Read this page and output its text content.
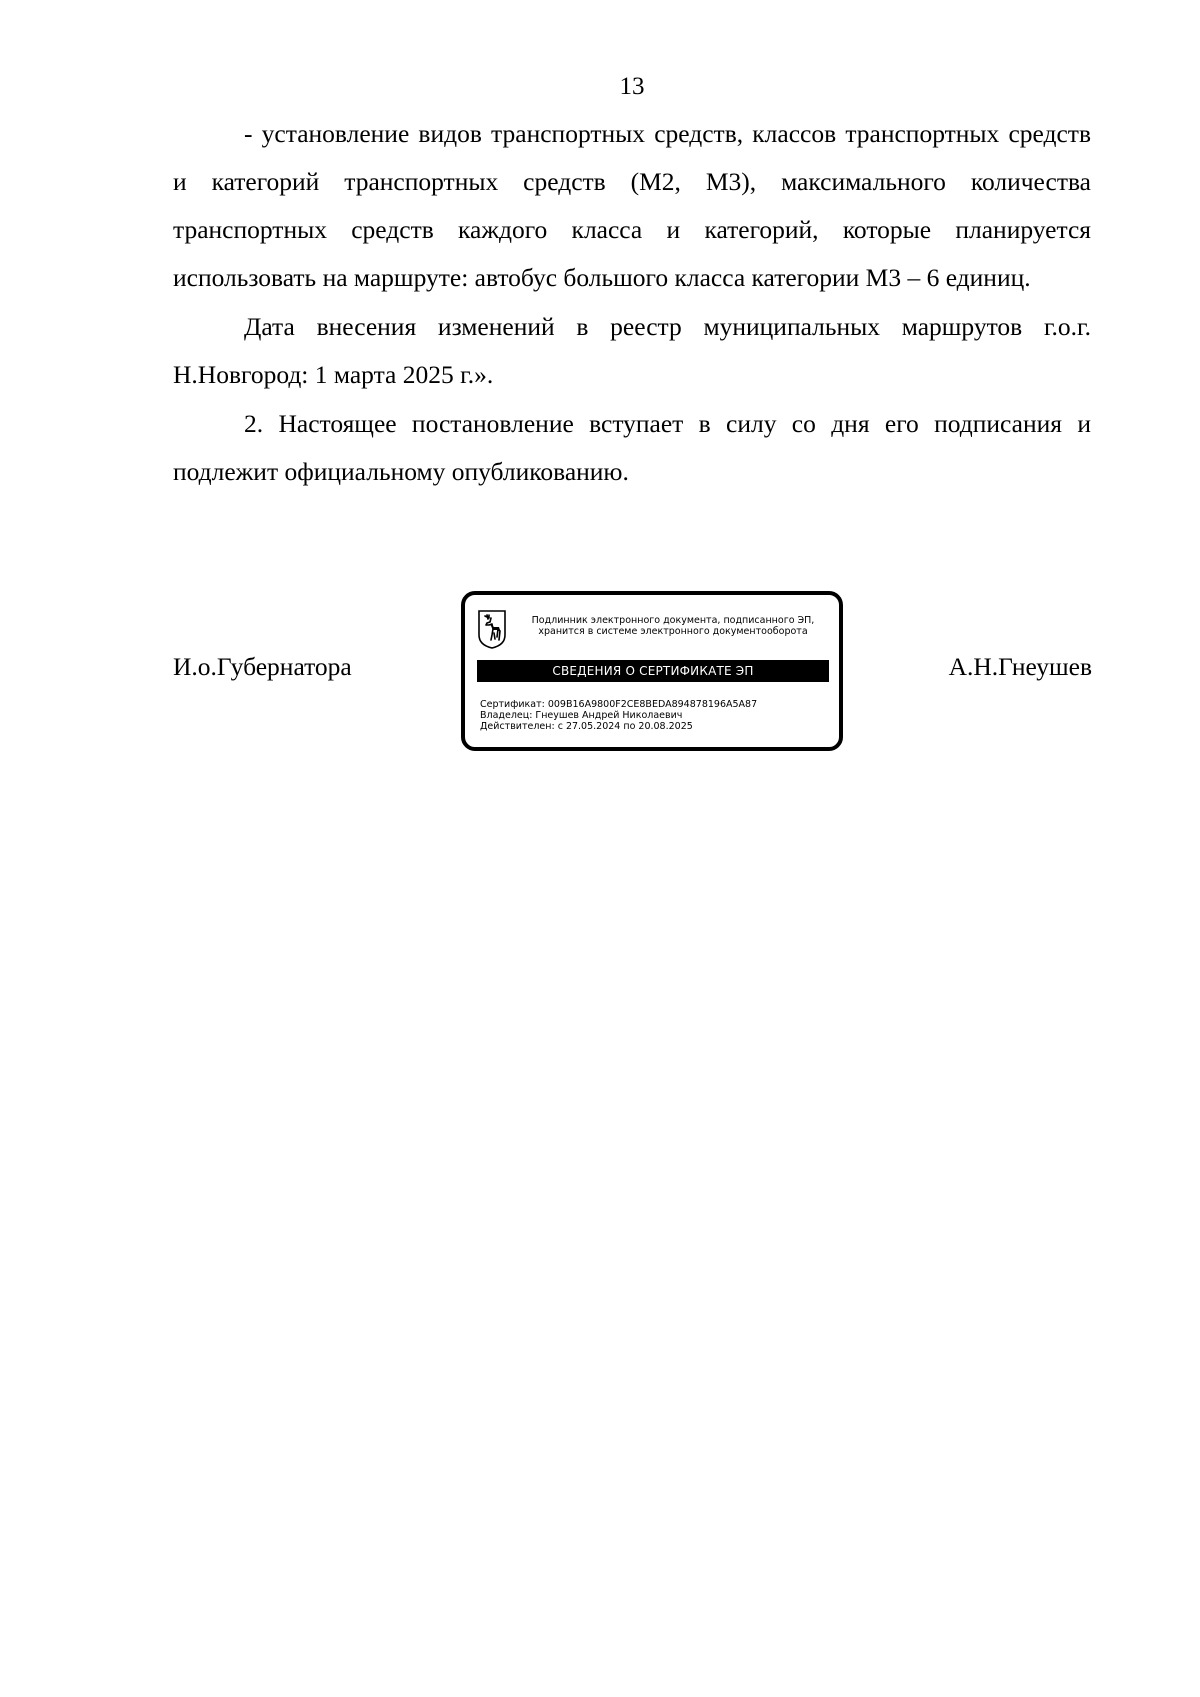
13

- установление видов транспортных средств, классов транспортных средств и категорий транспортных средств (М2, М3), максимального количества транспортных средств каждого класса и категорий, которые планируется использовать на маршруте: автобус большого класса категории М3 – 6 единиц.

Дата внесения изменений в реестр муниципальных маршрутов г.о.г. Н.Новгород: 1 марта 2025 г.».

2. Настоящее постановление вступает в силу со дня его подписания и подлежит официальному опубликованию.

И.о.Губернатора
Подлинник электронного документа, подписанного ЭП,
хранится в системе электронного документооборота
СВЕДЕНИЯ О СЕРТИФИКАТЕ ЭП
Сертификат: 009B16A9800F2CE8BEDA894878196A5A87
Владелец: Гнеушев Андрей Николаевич
Действителен: с 27.05.2024 по 20.08.2025
А.Н.Гнеушев
